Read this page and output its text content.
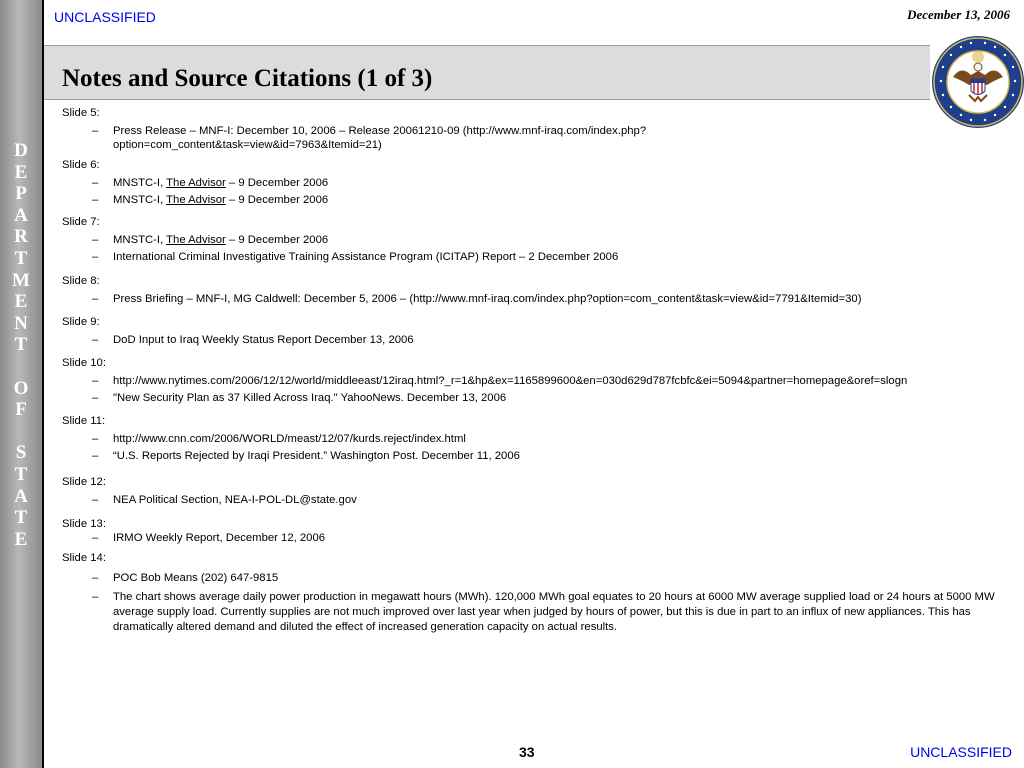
D
E
P
A
R
T
M
E
N
T
O
F
S
T
A
T
E
UNCLASSIFIED	December 13, 2006
Notes and Source Citations (1 of 3)
Slide 5:
– Press Release – MNF-I: December 10, 2006 – Release 20061210-09 (http://www.mnf-iraq.com/index.php?option=com_content&task=view&id=7963&Itemid=21)
Slide 6:
– MNSTC-I, The Advisor – 9 December 2006
– MNSTC-I, The Advisor – 9 December 2006
Slide 7:
– MNSTC-I, The Advisor – 9 December 2006
– International Criminal Investigative Training Assistance Program (ICITAP) Report – 2 December 2006
Slide 8:
– Press Briefing – MNF-I, MG Caldwell: December 5, 2006 – (http://www.mnf-iraq.com/index.php?option=com_content&task=view&id=7791&Itemid=30)
Slide 9:
– DoD Input to Iraq Weekly Status Report December 13, 2006
Slide 10:
– http://www.nytimes.com/2006/12/12/world/middleeast/12iraq.html?_r=1&hp&ex=1165899600&en=030d629d787fcbfc&ei=5094&partner=homepage&oref=slogn
– "New Security Plan as 37 Killed Across Iraq." YahooNews. December 13, 2006
Slide 11:
– http://www.cnn.com/2006/WORLD/meast/12/07/kurds.reject/index.html
– “U.S. Reports Rejected by Iraqi President.” Washington Post. December 11, 2006
Slide 12:
– NEA Political Section, NEA-I-POL-DL@state.gov
Slide 13:
– IRMO Weekly Report, December 12, 2006
Slide 14:
– POC Bob Means (202) 647-9815
– The chart shows average daily power production in megawatt hours (MWh). 120,000 MWh goal equates to 20 hours at 6000 MW average supplied load or 24 hours at 5000 MW average supply load. Currently supplies are not much improved over last year when judged by hours of power, but this is due in part to an influx of new appliances. This has dramatically altered demand and diluted the effect of increased generation capacity on actual results.
33	UNCLASSIFIED
